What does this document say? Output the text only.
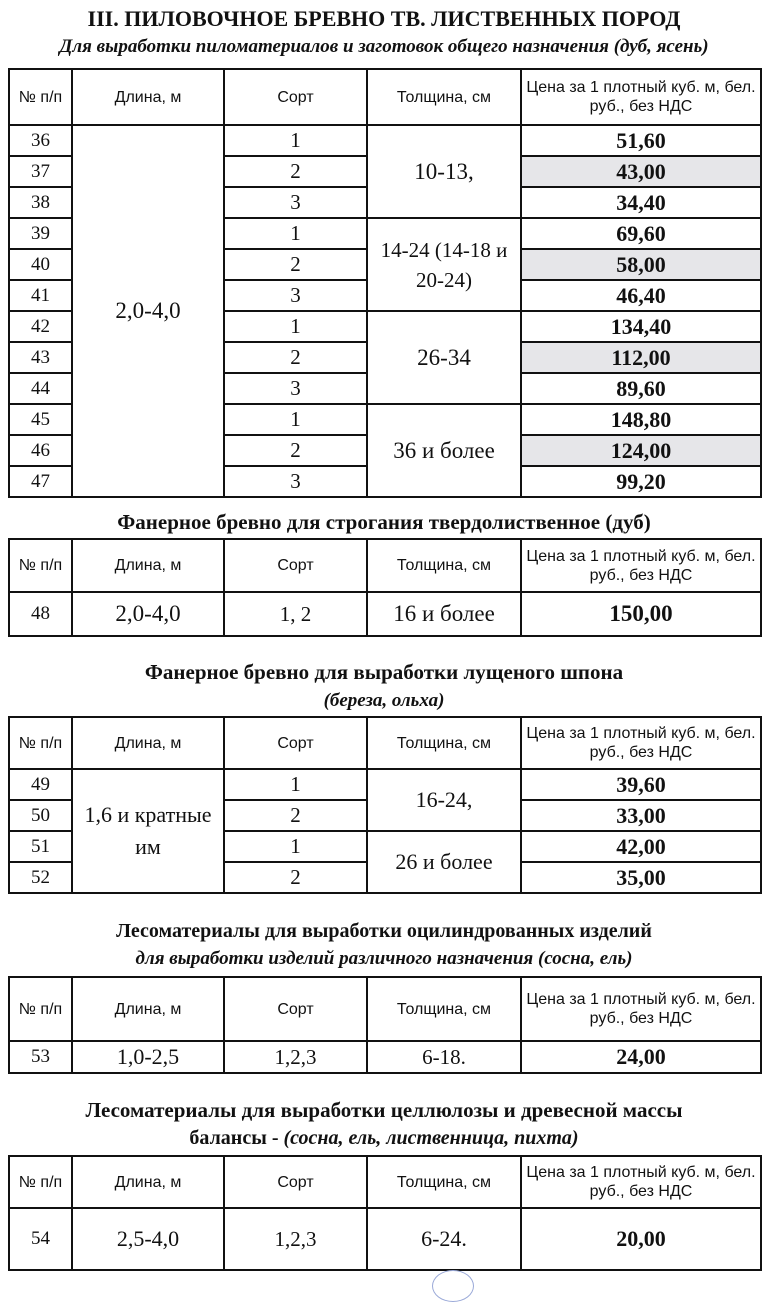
III. ПИЛОВОЧНОЕ БРЕВНО ТВ. ЛИСТВЕННЫХ ПОРОД
Для выработки пиломатериалов и заготовок общего назначения (дуб, ясень)
№ п/п	Длина, м	Сорт	Толщина, см	Цена за 1 плотный куб. м, бел. руб., без НДС
36	2,0-4,0	1	10-13,	51,60
37		2		43,00
38		3		34,40
39		1	14-24 (14-18 и 20-24)	69,60
40		2		58,00
41		3		46,40
42		1	26-34	134,40
43		2		112,00
44		3		89,60
45		1	36 и более	148,80
46		2		124,00
47		3		99,20
Фанерное бревно для строгания твердолиственное (дуб)
№ п/п	Длина, м	Сорт	Толщина, см	Цена за 1 плотный куб. м, бел. руб., без НДС
48	2,0-4,0	1, 2	16 и более	150,00
Фанерное бревно для выработки лущеного шпона
(береза, ольха)
№ п/п	Длина, м	Сорт	Толщина, см	Цена за 1 плотный куб. м, бел. руб., без НДС
49	1,6 и кратные им	1	16-24,	39,60
50		2		33,00
51		1	26 и более	42,00
52		2		35,00
Лесоматериалы для выработки оцилиндрованных изделий
для выработки изделий различного назначения (сосна, ель)
№ п/п	Длина, м	Сорт	Толщина, см	Цена за 1 плотный куб. м, бел. руб., без НДС
53	1,0-2,5	1,2,3	6-18.	24,00
Лесоматериалы для выработки целлюлозы и древесной массы
балансы - (сосна, ель, лиственница, пихта)
№ п/п	Длина, м	Сорт	Толщина, см	Цена за 1 плотный куб. м, бел. руб., без НДС
54	2,5-4,0	1,2,3	6-24.	20,00
